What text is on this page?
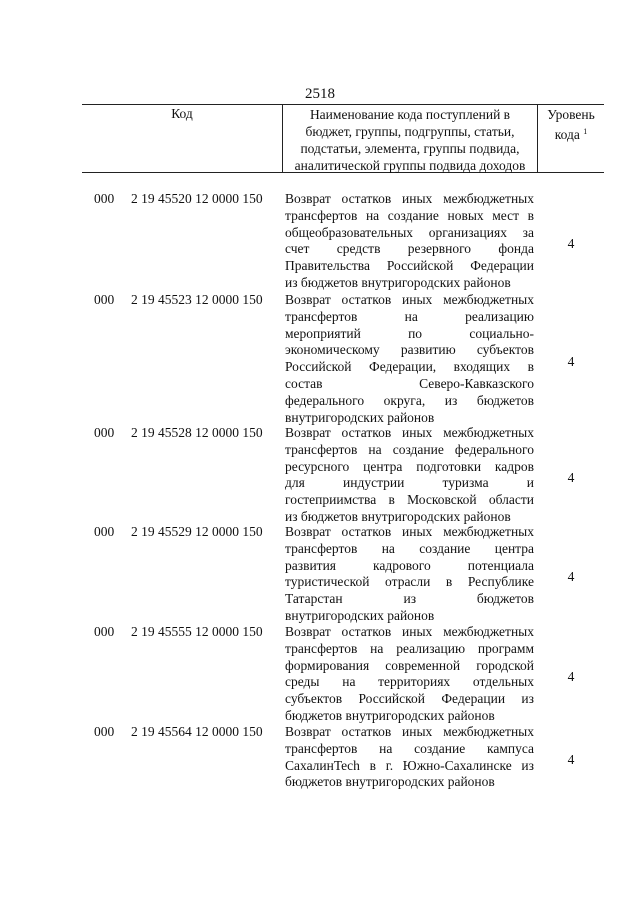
2518
Код	Наименование кода поступлений в
бюджет, группы, подгруппы, статьи,
подстатьи, элемента, группы подвида,
аналитической группы подвида доходов
Уровень
кода $^1$
000 2 19 45520 12 0000 150 Возврат остатков иных межбюджетных
трансфертов на создание новых мест в
общеобразовательных организациях за
счет средств резервного фонда
Правительства Российской Федерации
из бюджетов внутригородских районов
4
000 2 19 45523 12 0000 150 Возврат остатков иных межбюджетных
трансфертов на реализацию
мероприятий по социально-
экономическому развитию субъектов
Российской Федерации, входящих в
состав Северо-Кавказского
федерального округа, из бюджетов
внутригородских районов
4
000 2 19 45528 12 0000 150 Возврат остатков иных межбюджетных
трансфертов на создание федерального
ресурсного центра подготовки кадров
для индустрии туризма и
гостеприимства в Московской области
из бюджетов внутригородских районов
4
000 2 19 45529 12 0000 150 Возврат остатков иных межбюджетных
трансфертов на создание центра
развития кадрового потенциала
туристической отрасли в Республике
Татарстан из бюджетов
внутригородских районов
4
000 2 19 45555 12 0000 150 Возврат остатков иных межбюджетных
трансфертов на реализацию программ
формирования современной городской
среды на территориях отдельных
субъектов Российской Федерации из
бюджетов внутригородских районов
4
000 2 19 45564 12 0000 150 Возврат остатков иных межбюджетных
трансфертов на создание кампуса
СахалинTech в г. Южно-Сахалинске из
бюджетов внутригородских районов
4
